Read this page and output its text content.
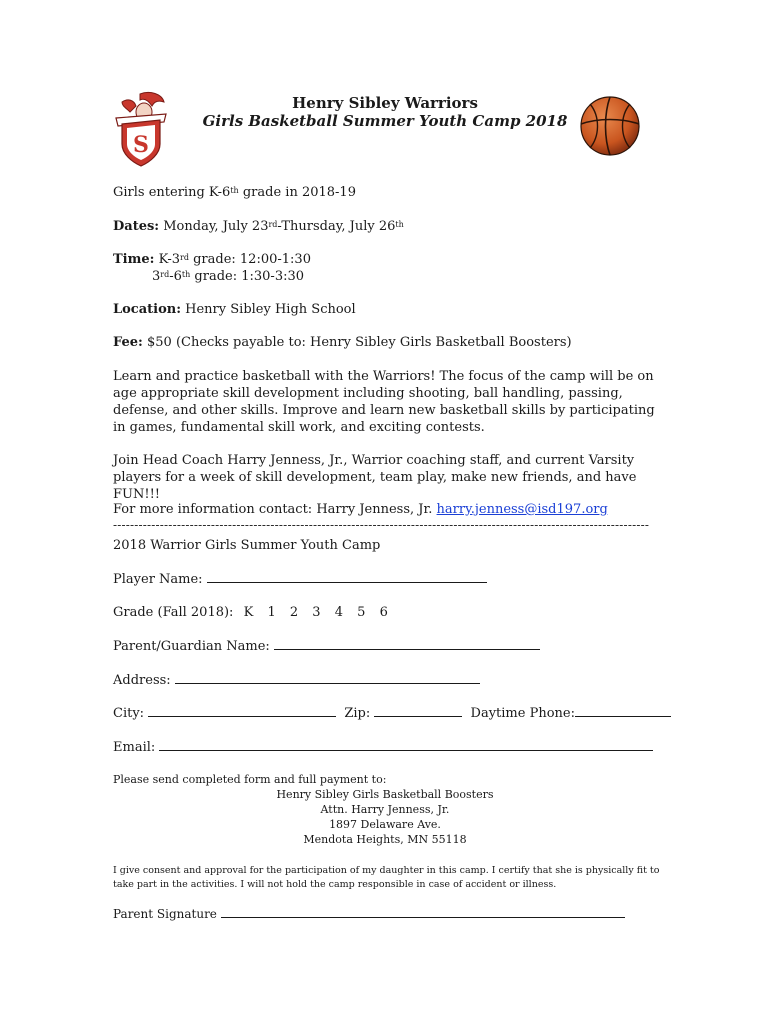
S
Henry Sibley Warriors
Girls Basketball Summer Youth Camp 2018
Girls entering K-6th grade in 2018-19
Dates: Monday, July 23rd-Thursday, July 26th
Time: K-3rd grade: 12:00-1:30
3rd-6th grade: 1:30-3:30
Location: Henry Sibley High School
Fee: $50 (Checks payable to: Henry Sibley Girls Basketball Boosters)
Learn and practice basketball with the Warriors! The focus of the camp will be on age appropriate skill development including shooting, ball handling, passing, defense, and other skills. Improve and learn new basketball skills by participating in games, fundamental skill work, and exciting contests.
Join Head Coach Harry Jenness, Jr., Warrior coaching staff, and current Varsity players for a week of skill development, team play, make new friends, and have FUN!!!
For more information contact: Harry Jenness, Jr. harry.jenness@isd197.org
------------------------------------------------------------------------------------------------------------------------------
2018 Warrior Girls Summer Youth Camp
Player Name:
Grade (Fall 2018): K 1 2 3 4 5 6
Parent/Guardian Name:
Address:
City:	Zip:	Daytime Phone:
Email:
Please send completed form and full payment to:
Henry Sibley Girls Basketball Boosters
Attn. Harry Jenness, Jr.
1897 Delaware Ave.
Mendota Heights, MN 55118
I give consent and approval for the participation of my daughter in this camp. I certify that she is physically fit to take part in the activities. I will not hold the camp responsible in case of accident or illness.
Parent Signature
